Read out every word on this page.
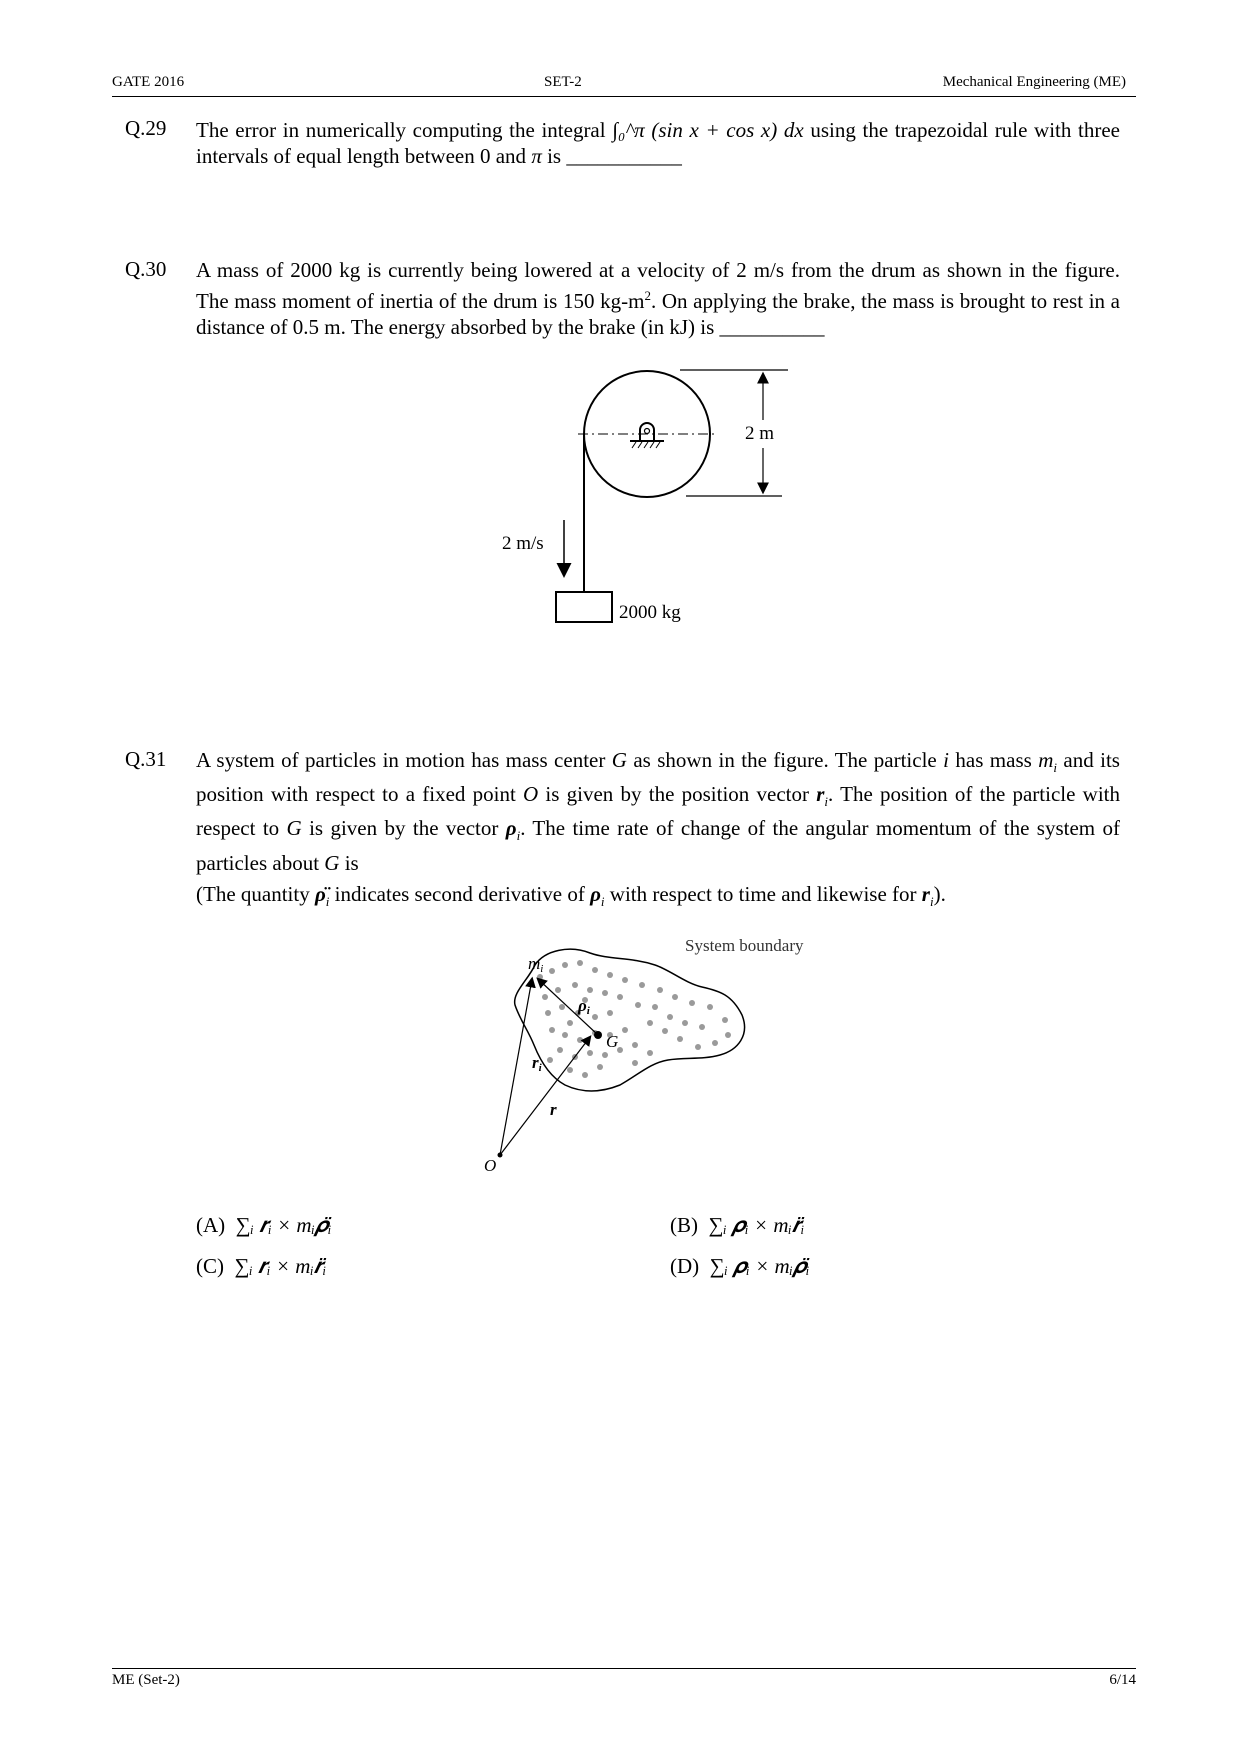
GATE 2016	SET-2	Mechanical Engineering (ME)
Q.29 The error in numerically computing the integral ∫₀^π (sin x + cos x) dx using the trapezoidal rule with three intervals of equal length between 0 and π is ___________
Q.30 A mass of 2000 kg is currently being lowered at a velocity of 2 m/s from the drum as shown in the figure. The mass moment of inertia of the drum is 150 $kg-m^2$. On applying the brake, the mass is brought to rest in a distance of 0.5 m. The energy absorbed by the brake (in kJ) is __________
2 m
2 m/s
2000 kg
Q.31 A system of particles in motion has mass center G as shown in the figure. The particle i has mass $m_i$ and its position with respect to a fixed point O is given by the position vector $r_i$. The position of the particle with respect to G is given by the vector $\rho_i$. The time rate of change of the angular momentum of the system of particles about G is
(The quantity $\rhö_i$ indicates second derivative of $\rho_i$ with respect to time and likewise for $r_i$).
System boundary
mi
ρi
G
ri
r
O
(A) ∑ᵢ 𝒓ᵢ × mᵢ𝝆̈ᵢ	(B) ∑ᵢ 𝝆ᵢ × mᵢ𝒓̈ᵢ
(C) ∑ᵢ 𝒓ᵢ × mᵢ𝒓̈ᵢ	(D) ∑ᵢ 𝝆ᵢ × mᵢ𝝆̈ᵢ
ME (Set-2)	6/14
